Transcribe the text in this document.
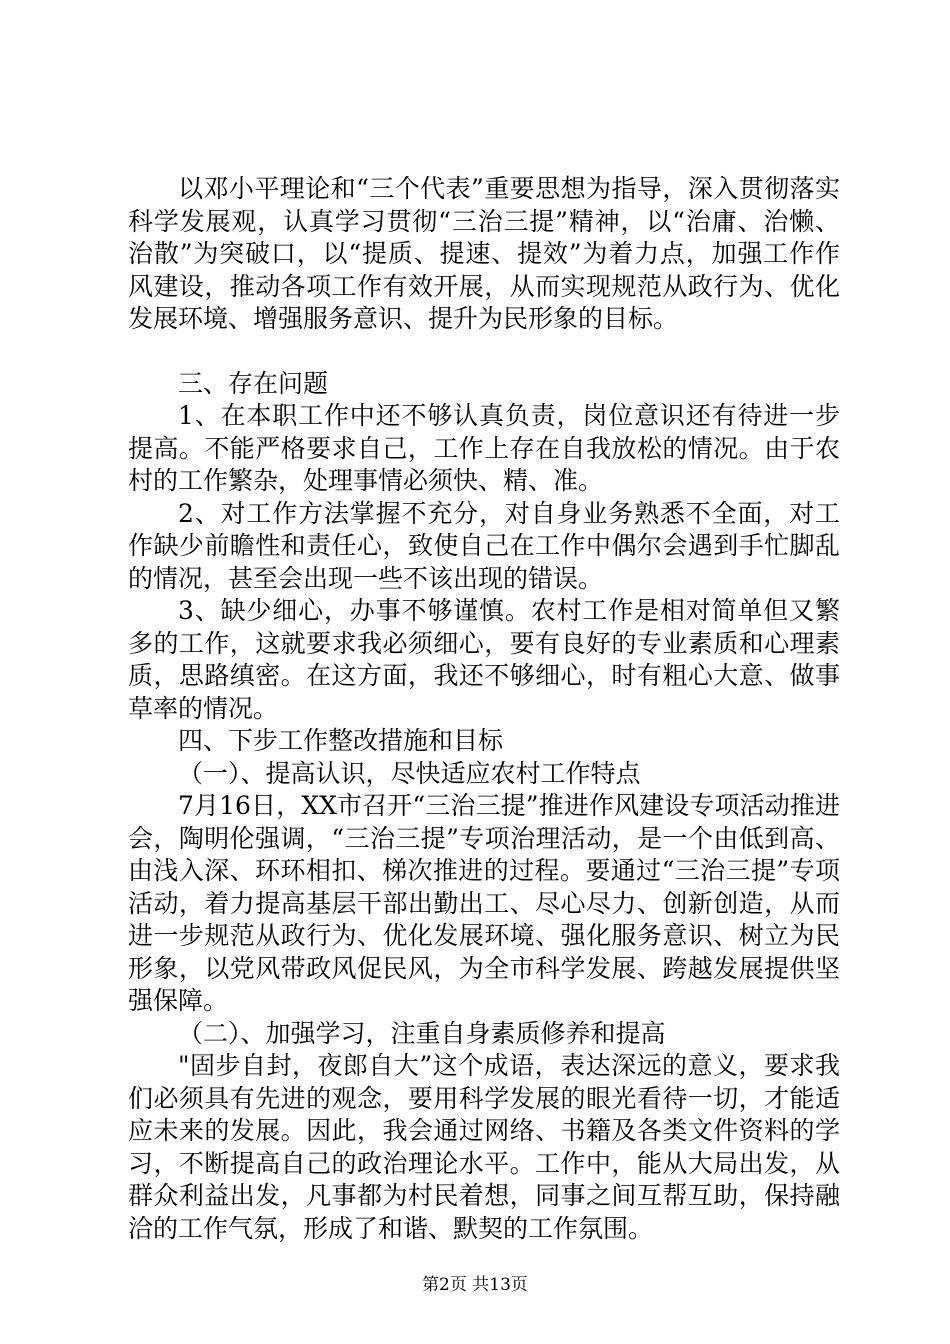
以邓小平理论和“三个代表”重要思想为指导，深入贯彻落实科学发展观，认真学习贯彻“三治三提”精神，以“治庸、治懒、治散”为突破口，以“提质、提速、提效”为着力点，加强工作作风建设，推动各项工作有效开展，从而实现规范从政行为、优化发展环境、增强服务意识、提升为民形象的目标。

三、存在问题

1、在本职工作中还不够认真负责，岗位意识还有待进一步提高。不能严格要求自己，工作上存在自我放松的情况。由于农村的工作繁杂，处理事情必须快、精、准。

2、对工作方法掌握不充分，对自身业务熟悉不全面，对工作缺少前瞻性和责任心，致使自己在工作中偶尔会遇到手忙脚乱的情况，甚至会出现一些不该出现的错误。

3、缺少细心，办事不够谨慎。农村工作是相对简单但又繁多的工作，这就要求我必须细心，要有良好的专业素质和心理素质，思路缜密。在这方面，我还不够细心，时有粗心大意、做事草率的情况。

四、下步工作整改措施和目标

（一）、提高认识，尽快适应农村工作特点

7月16日，XX市召开“三治三提”推进作风建设专项活动推进会，陶明伦强调，“三治三提”专项治理活动，是一个由低到高、由浅入深、环环相扣、梯次推进的过程。要通过“三治三提”专项活动，着力提高基层干部出勤出工、尽心尽力、创新创造，从而进一步规范从政行为、优化发展环境、强化服务意识、树立为民形象，以党风带政风促民风，为全市科学发展、跨越发展提供坚强保障。

（二）、加强学习，注重自身素质修养和提高

"固步自封，夜郎自大”这个成语，表达深远的意义，要求我们必须具有先进的观念，要用科学发展的眼光看待一切，才能适应未来的发展。因此，我会通过网络、书籍及各类文件资料的学习，不断提高自己的政治理论水平。工作中，能从大局出发，从群众利益出发，凡事都为村民着想，同事之间互帮互助，保持融洽的工作气氛，形成了和谐、默契的工作氛围。

第2页 共13页
